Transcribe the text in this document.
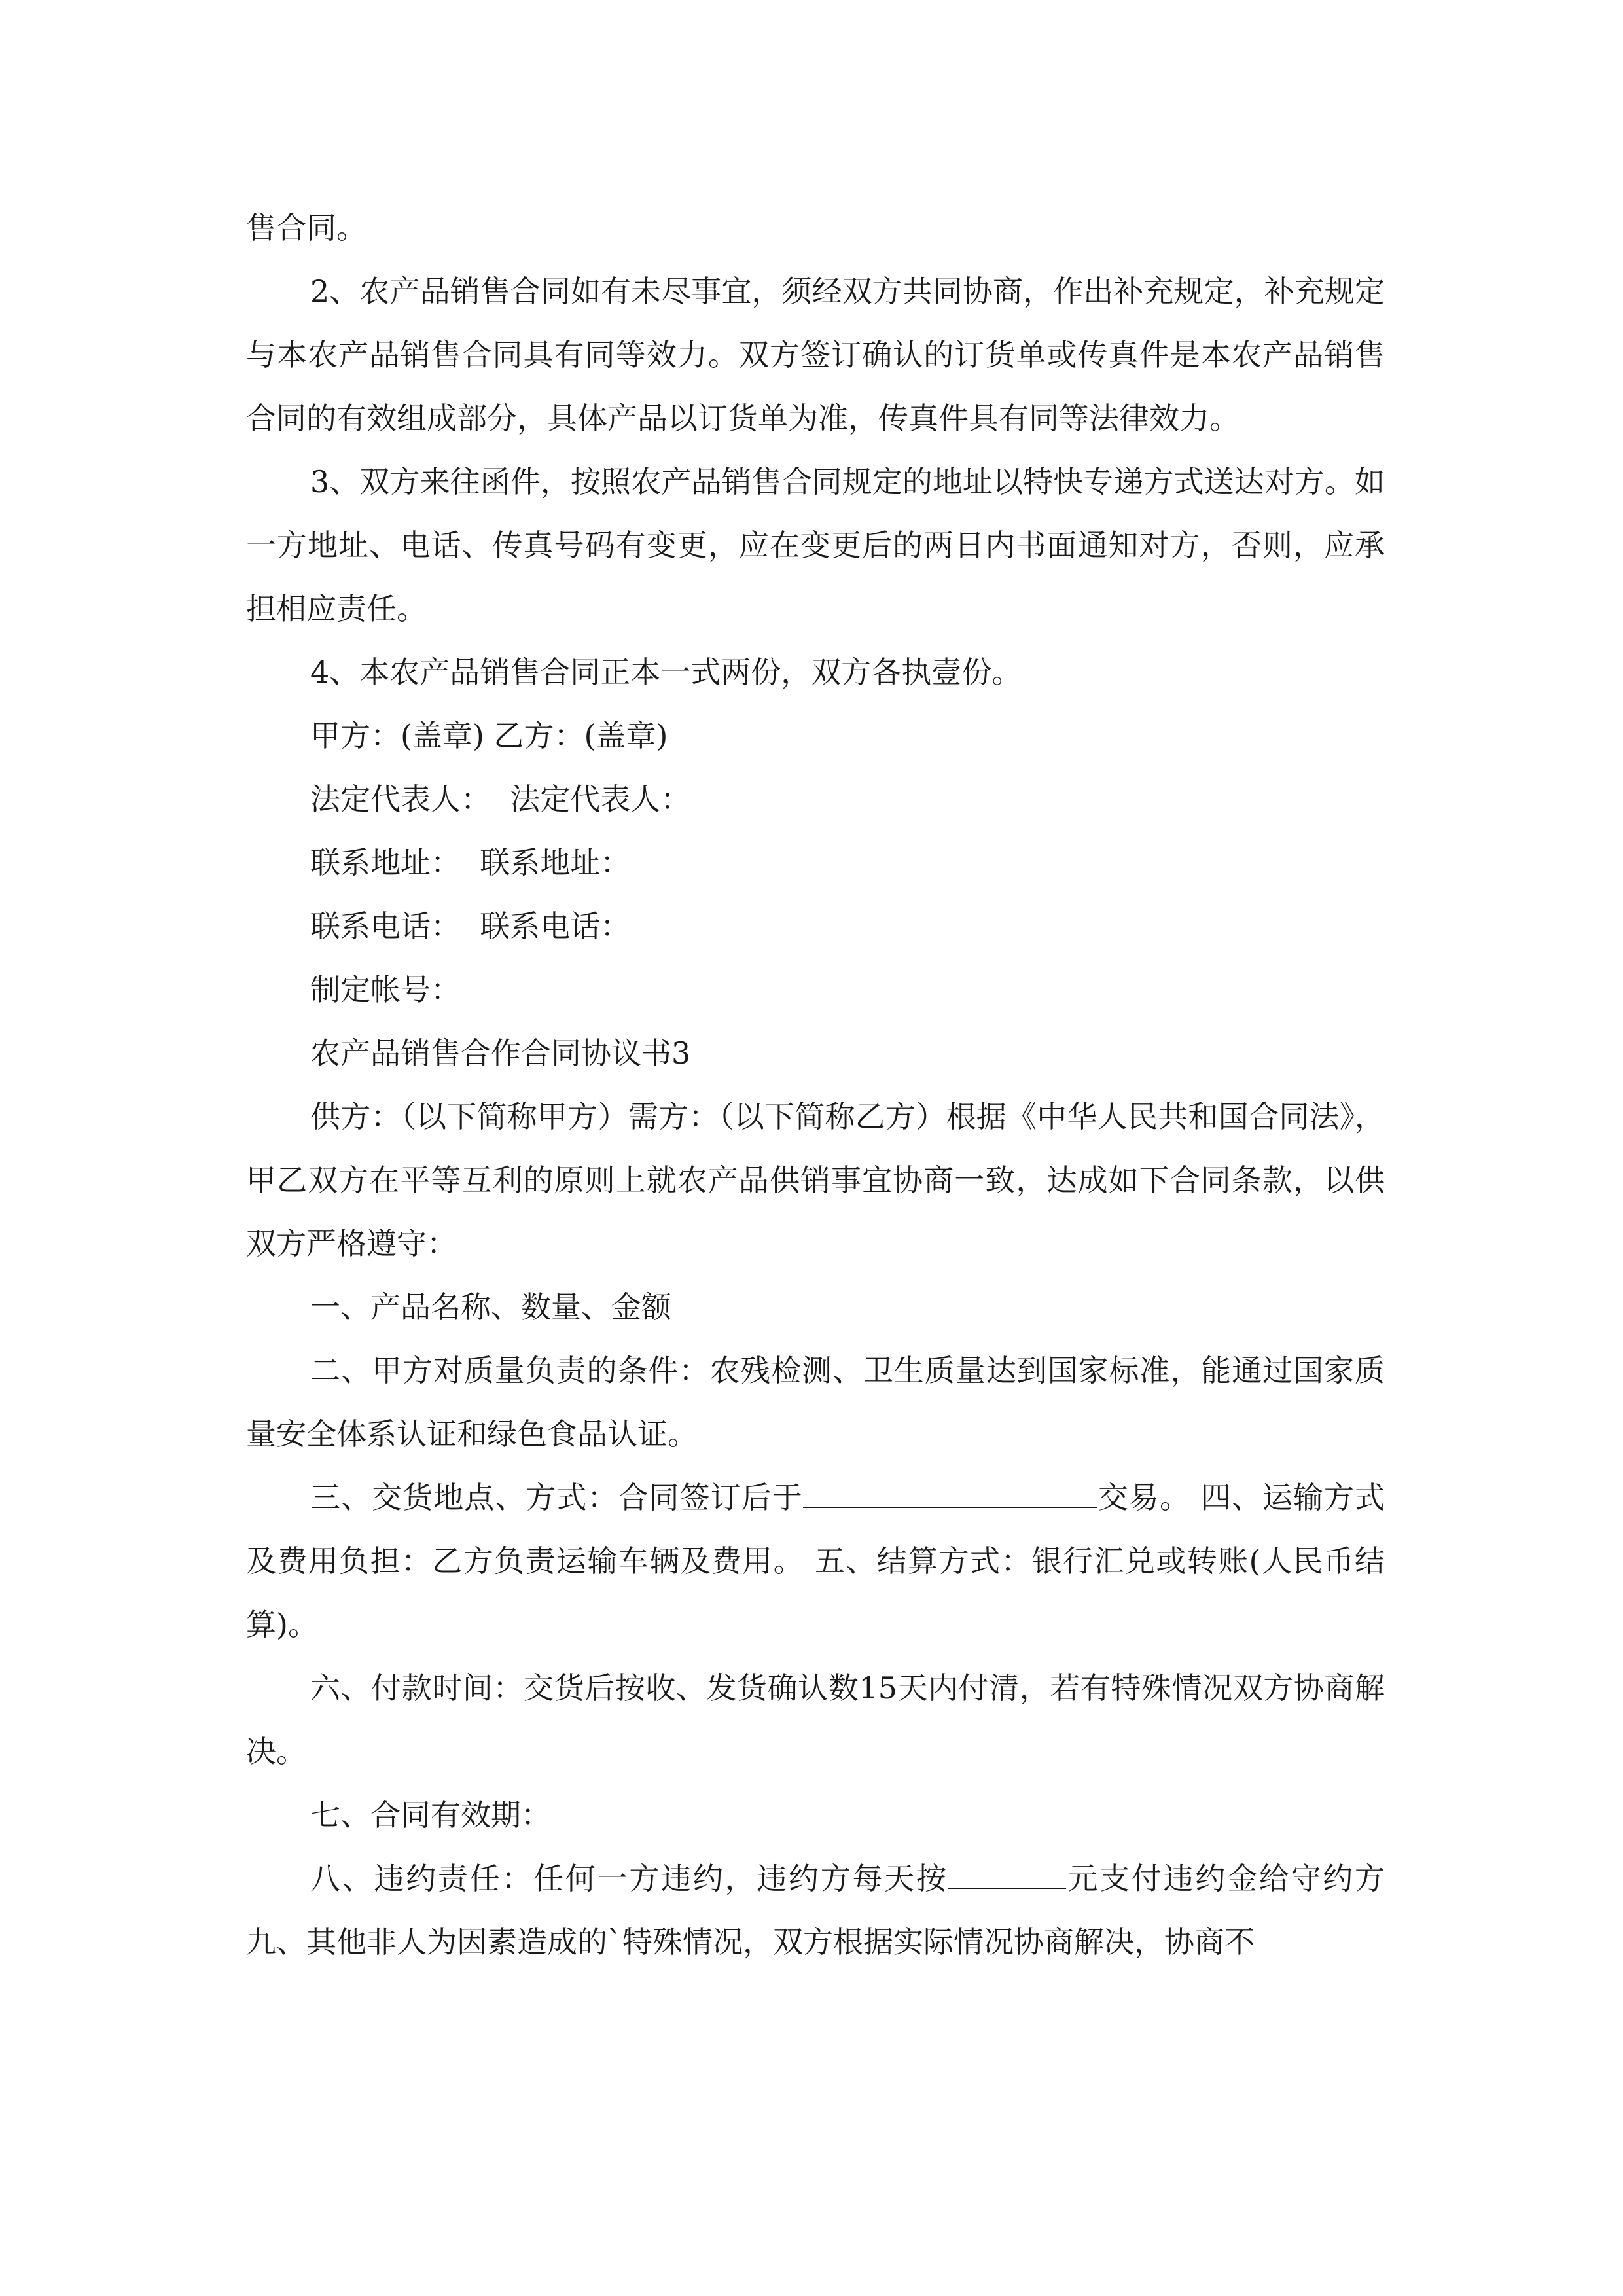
售合同。

2、农产品销售合同如有未尽事宜，须经双方共同协商，作出补充规定，补充规定与本农产品销售合同具有同等效力。双方签订确认的订货单或传真件是本农产品销售合同的有效组成部分，具体产品以订货单为准，传真件具有同等法律效力。

3、双方来往函件，按照农产品销售合同规定的地址以特快专递方式送达对方。如一方地址、电话、传真号码有变更，应在变更后的两日内书面通知对方，否则，应承担相应责任。

4、本农产品销售合同正本一式两份，双方各执壹份。

甲方：(盖章) 乙方：(盖章)

法定代表人：  法定代表人：

联系地址：  联系地址：

联系电话：  联系电话：

制定帐号：

农产品销售合作合同协议书3

供方：（以下简称甲方）需方：（以下简称乙方）根据《中华人民共和国合同法》，甲乙双方在平等互利的原则上就农产品供销事宜协商一致，达成如下合同条款，以供双方严格遵守：

一、产品名称、数量、金额

二、甲方对质量负责的条件：农残检测、卫生质量达到国家标准，能通过国家质量安全体系认证和绿色食品认证。

三、交货地点、方式：合同签订后于	交易。 四、运输方式及费用负担：乙方负责运输车辆及费用。 五、结算方式：银行汇兑或转账(人民币结算)。

六、付款时间：交货后按收、发货确认数15天内付清，若有特殊情况双方协商解决。

七、合同有效期：

八、违约责任：任何一方违约，违约方每天按	元支付违约金给守约方九、其他非人为因素造成的`特殊情况，双方根据实际情况协商解决，协商不
